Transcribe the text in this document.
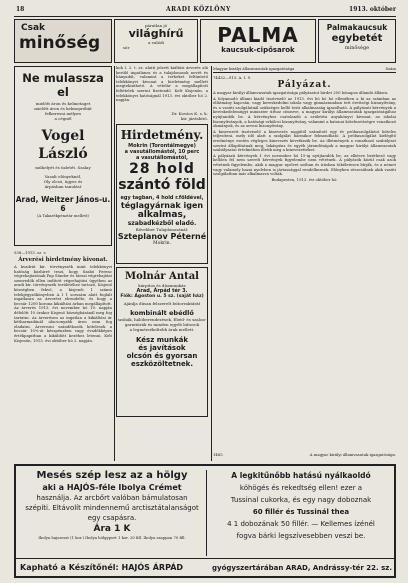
18	ARADI KÖZLÖNY	1913. október
Csak
minőség
páratlan jó
világhírű
a valódi
sör
PALMA
kaucsuk-cipősarok
Palmakaucsuk
egybetét
minősége
Ne mulassza el
mielőtt áron és kelmetaget
mielőtt áron és kelmepróbát
felkeresni mélyen
a cégnél
Vogel László
műhelyét és üzletét. Szalay
Vasalt előnyeknél,
Oly olcsó, ügyes és
árpásban tanulást
Arad, Weitzer János-u. 6
(A Takarékpénztár mellett)
538—1913. sz. v.
Árverési hirdetmény kivonat.

A kvadrát kir. törvényszék mint telekkönyvi hatóság közhírré teszi, hogy Szabó Ferenc végrehajtatónak Pap Sándor és társai végrehajtást szenvedők ellen indított végrehajtási ügyében az aradi kir. törvényszék területéhez tartozó, Kisjenő községben fekvő, a kisjenői 1 számú telekjegyzőkönyvben A I 1 sorszám alatt foglalt ingatlanra az árverést elrendelte, és hogy a becsár 1200 korona kikiáltási árban megállapított. Az árverés 1913. évi november hó 10. napján délelőtt 10 órakor Kisjenő községházánál meg fog tartatni. Az árverésen az ingatlan a kikiáltási ár kétharmadánál alacsonyabb áron nem fog eladatni. Árverezni szándékozók kötelesek a becsár 10%-át készpénzben vagy óvadékképes értékpapírban a kiküldött kezéhez letenni. Kelt Kisjenőn, 1913. évi október hó 2. napján.

kok I. 2. t. sz. alatti jelzett kiáltási árverés alá kerülő ingatlanra és a tulajdonosok nevét és hányadát, valamint a terheket feltüntető telekkönyvi kivonat a hirdetmény mellett megtekinthető. A vételár a megállapított feltételek szerint fizetendő. Kelt Kisjenőn, a telekkönyvi hatóságnál 1913. évi október hó 2. napján.

Dr. Kovács K. s. k.
kir. járásbíró.
Hirdetmény.
Mokrin (Torontálmegye)
a vasutállomástól, 10 perc
a vasutállomástól,
28 hold
szántó föld
egy tagban, 4 hold r.földével,
téglagyárnak igen
alkalmas,
szabadkézből eladó.
Bővebbet Tulajdonosánál:
Szteplanov Péterné
Mokrin.
Molnár Antal
kárpitos és díszmunkás
Arad, Árpád tér 3.
Fiók: Ágoston u. 5 sz. (saját ház)
Ajánlja dúsan felszerelt bútorraktárát
kombinált ebédlő
szobák, hálóberendezések, Ebéd- és szalon-
garnitúrák és minden egyéb bútorok
a legmérsékeltebb árak mellett.
Kész munkák
és javítások
olcsón és gyorsan
eszközöltetnek.
Magyar királyi államvasutak igazgatósága	Szám
74432—913. A. I. 9.
Pályázat.

A magyar királyi államvasutak igazgatósága pályázatot hirdet 200 hónapos állandó állásra.

A folyamodó állami kiadó tisztviselő az 1913. évi hó hó hó ellenében a ki az számban az ellátmány kapcsán, vagy kereskedelmi iskola vagy gimnáziumban tett érettségi bizonyítvány, és a vasúti szolgálatnál szükséges kellő testi alkalmasság igazolható. A pályázati kérvények a kereskedelemügyi miniszter úrhoz címezve, a magyar királyi államvasutak igazgatóságához nyújtandók be. A kérvényhez csatolandó a születési anyakönyvi kivonat, az iskolai bizonyítványok, a hatósági erkölcsi bizonyítvány, valamint a katonai kötelezettségre vonatkozó okmányok, és az orvosi bizonyítvány.

A kinevezett tisztviselő a kinevezés napjától számított egy év próbaszolgálatot köteles teljesíteni, mely idő alatt a szolgálat bármikor felmondható. A próbaszolgálat kielégítő eredménye esetén végleges kinevezés következik be. Az illetmények a vonatkozó szabályzat szerint állapíttatnak meg, lakáspénz és egyéb járandóságok a magyar királyi államvasutak szabályzatai értelmében illetik meg a kinevezetteket.

A pályázati kérvények f. évi november hó 15-ig nyújtandók be, az elkésve beérkező vagy kellően fel nem szerelt kérvények figyelembe nem vétetnek. A pályázók közül csak azok vétetnek figyelembe, akik a magyar nyelvet szóban és írásban tökéletesen bírják, és a német vagy valamely hazai nyelvben is jártassággal rendelkeznek. Előnyben részesülnek akik vasúti szolgálatban már alkalmazva voltak.

Budapesten, 1913. évi október hó.

1465	A magyar királyi államvasutak igazgatósága.
Mesés szép lesz az a hölgy
aki a HAJÓS-féle Ibolya Crémet
használja. Az arcbőrt valóban bámulatosan
szépíti. Eltávolít mindennemű arctisztátalanságot
egy csapásra.
Ára 1 K
Ibolya hajszeszt (1 kor.) Ibolya hölgyport 1 kor. 20 fill. Ibolya szappan 70 fill.
A legkitűnőbb hatású nyálkaoldó
köhögés és rekedtség ellen! ezer a
Tussinal cukorka, és egy nagy doboznak
60 fillér és Tussinál thea
4 1 dobozának 50 fillér. — Kellemes ízénél
fogva bárki legszívesebben veszi be.
Kapható a Készítőnél: HAJÓS ÁRPÁD	gyógyszertárában ARAD, Andrássy-tér 22. sz.
